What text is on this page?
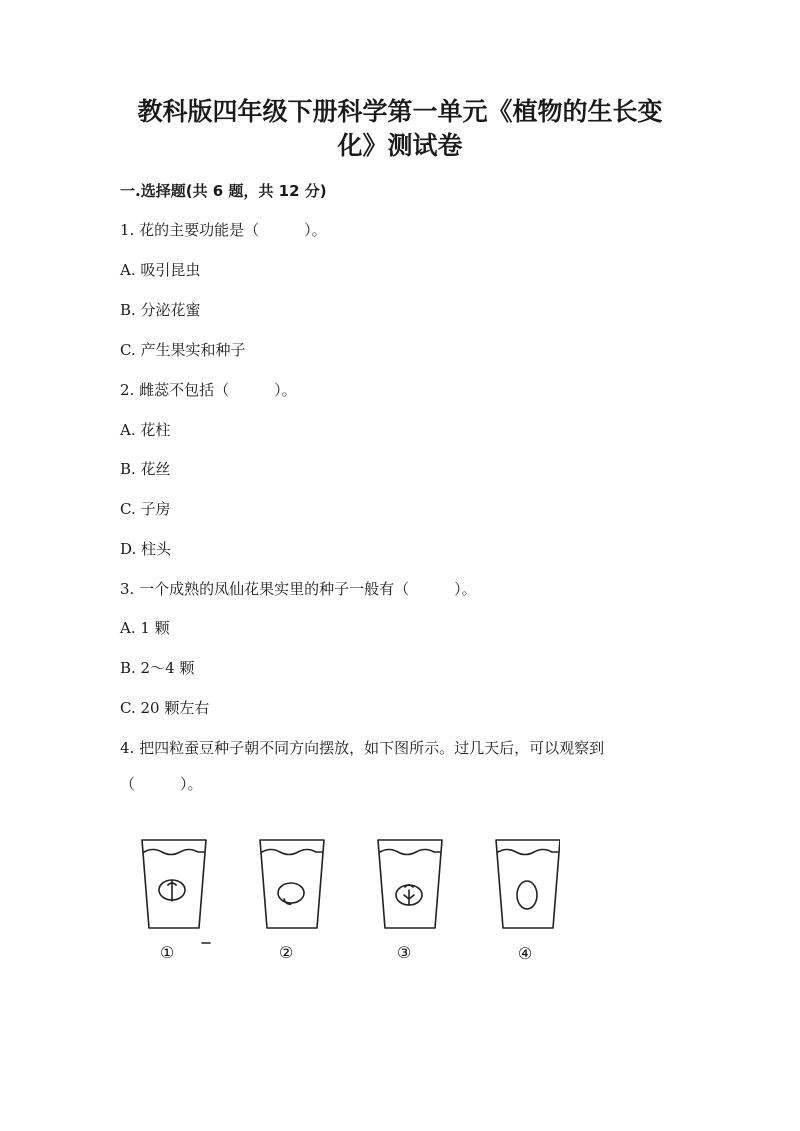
教科版四年级下册科学第一单元《植物的生长变
化》测试卷
一.选择题(共 6 题，共 12 分)
1. 花的主要功能是（　　　）。
A. 吸引昆虫
B. 分泌花蜜
C. 产生果实和种子
2. 雌蕊不包括（　　　）。
A. 花柱
B. 花丝
C. 子房
D. 柱头
3. 一个成熟的凤仙花果实里的种子一般有（　　　）。
A. 1 颗
B. 2～4 颗
C. 20 颗左右
4. 把四粒蚕豆种子朝不同方向摆放，如下图所示。过几天后，可以观察到
（　　　）。
①	②	③	④
